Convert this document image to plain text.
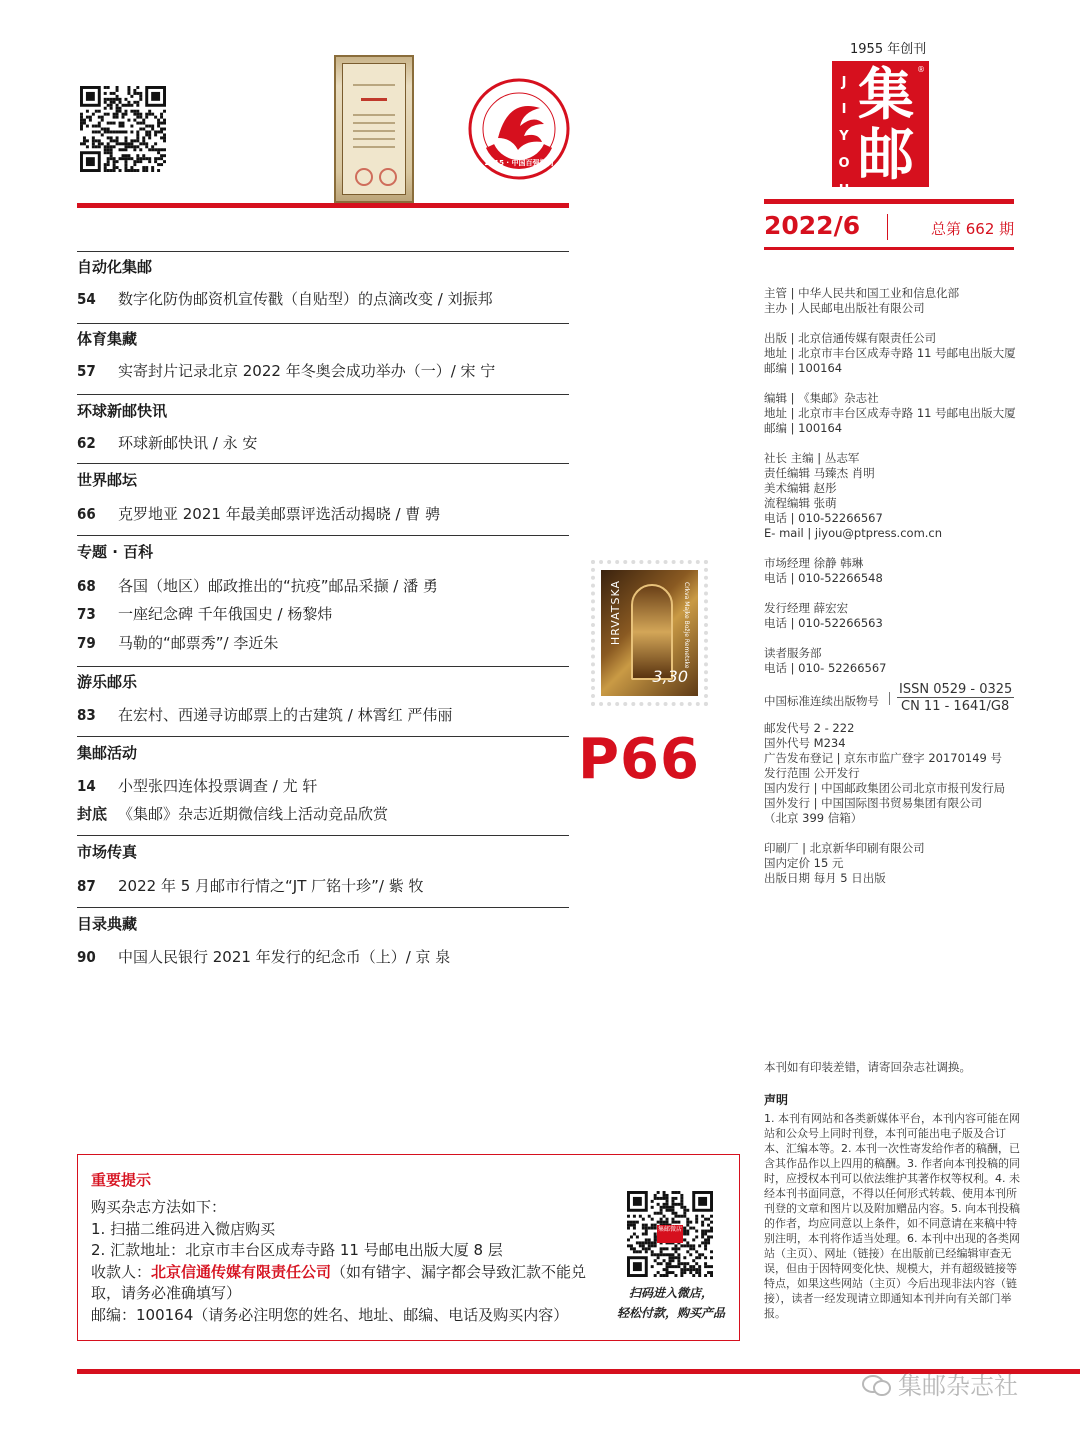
2015 · 中国百强报刊
1955 年创刊
J
I
Y
O
U
集邮
®
2022/6	总第 662 期
自动化集邮
54 数字化防伪邮资机宣传戳（自贴型）的点滴改变 / 刘振邦
体育集藏
57 实寄封片记录北京 2022 年冬奥会成功举办（一）/ 宋 宁
环球新邮快讯
62 环球新邮快讯 / 永 安
世界邮坛
66 克罗地亚 2021 年最美邮票评选活动揭晓 / 曹 骋
专题 · 百科
68 各国（地区）邮政推出的“抗疫”邮品采撷 / 潘 勇
73 一座纪念碑 千年俄国史 / 杨黎炜
79 马勒的“邮票秀”/ 李近朱
游乐邮乐
83 在宏村、西递寻访邮票上的古建筑 / 林霄红 严伟丽
集邮活动
14 小型张四连体投票调查 / 尤 轩
封底 《集邮》杂志近期微信线上活动竞品欣赏
市场传真
87 2022 年 5 月邮市行情之“JT 厂铭十珍”/ 紫 牧
目录典藏
90 中国人民银行 2021 年发行的纪念币（上）/ 京 泉
HRVATSKA	Crkva Majke Božje Remetske
3,30
P66
主管 | 中华人民共和国工业和信息化部
主办 | 人民邮电出版社有限公司
出版 | 北京信通传媒有限责任公司
地址 | 北京市丰台区成寿寺路 11 号邮电出版大厦
邮编 | 100164
编辑 | 《集邮》杂志社
地址 | 北京市丰台区成寿寺路 11 号邮电出版大厦
邮编 | 100164
社长 主编 | 丛志军
责任编辑 马臻杰 肖明
美术编辑 赵彤
流程编辑 张萌
电话 | 010-52266567
E- mail | jiyou@ptpress.com.cn
市场经理 徐静 韩琳
电话 | 010-52266548
发行经理 薛宏宏
电话 | 010-52266563
读者服务部
电话 | 010- 52266567
中国标准连续出版物号
ISSN 0529 - 0325
CN 11 - 1641/G8
邮发代号 2 - 222
国外代号 M234
广告发布登记 | 京东市监广登字 20170149 号
发行范围 公开发行
国内发行 | 中国邮政集团公司北京市报刊发行局
国外发行 | 中国国际图书贸易集团有限公司
（北京 399 信箱）
印刷厂 | 北京新华印刷有限公司
国内定价 15 元
出版日期 每月 5 日出版
本刊如有印装差错，请寄回杂志社调换。
声明
1. 本刊有网站和各类新媒体平台，本刊内容可能在网站和公众号上同时刊登，本刊可能出电子版及合订本、汇编本等。2. 本刊一次性寄发给作者的稿酬，已含其作品作以上四用的稿酬。3. 作者向本刊投稿的同时，应授权本刊可以依法维护其著作权等权利。4. 未经本刊书面同意，不得以任何形式转载、使用本刊所刊登的文章和图片以及附加赠品内容。5. 向本刊投稿的作者，均应同意以上条件，如不同意请在来稿中特别注明，本刊将作适当处理。6. 本刊中出现的各类网站（主页）、网址（链接）在出版前已经编辑审查无误，但由于因特网变化快、规模大，并有超级链接等特点，如果这些网站（主页）今后出现非法内容（链接），读者一经发现请立即通知本刊并向有关部门举报。
重要提示
购买杂志方法如下：
1. 扫描二维码进入微店购买
2. 汇款地址：北京市丰台区成寿寺路 11 号邮电出版大厦 8 层
收款人：北京信通传媒有限责任公司（如有错字、漏字都会导致汇款不能兑取，请务必准确填写）
邮编：100164（请务必注明您的姓名、地址、邮编、电话及购买内容）
集邮微店
扫码进入微店，
轻松付款，购买产品
集邮杂志社
